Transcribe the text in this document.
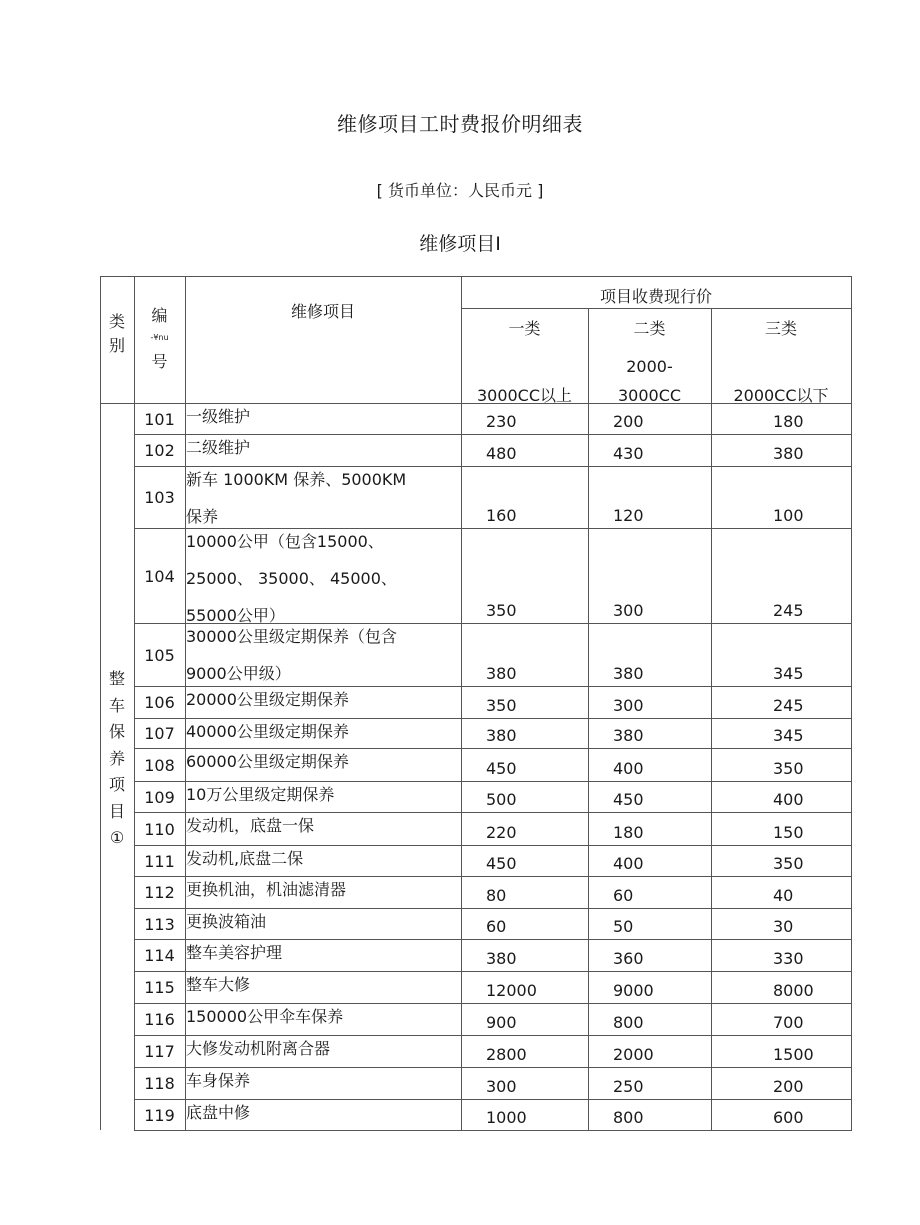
维修项目工时费报价明细表
[ 货币单位：人民币元 ]
维修项目I
类
别
编
-¥nu
号
维修项目
项目收费现行价
一类	二类	三类
2000-
3000CC以上	3000CC	2000CC以下
整
车
保
养
项
目
①
101 一级维护	230	200	180
102 二级维护	480	430	380
103
新车 1000KM 保养、5000KM
保养	160	120	100
104
10000公甲（包含15000、
25000、 35000、 45000、
55000公甲）	350	300	245
105
30000公里级定期保养（包含
9000公甲级）	380	380	345
106 20000公里级定期保养	350	300	245
107 40000公里级定期保养	380	380	345
108 60000公里级定期保养	450	400	350
109 10万公里级定期保养	500	450	400
110 发动机，底盘一保	220	180	150
111 发动机,底盘二保	450	400	350
112 更换机油，机油滤清器	80	60	40
113 更换波箱油	60	50	30
114 整车美容护理	380	360	330
115 整车大修	12000	9000	8000
116 150000公甲伞车保养	900	800	700
117 大修发动机附离合器	2800	2000	1500
118 车身保养	300	250	200
119 底盘中修	1000	800	600
